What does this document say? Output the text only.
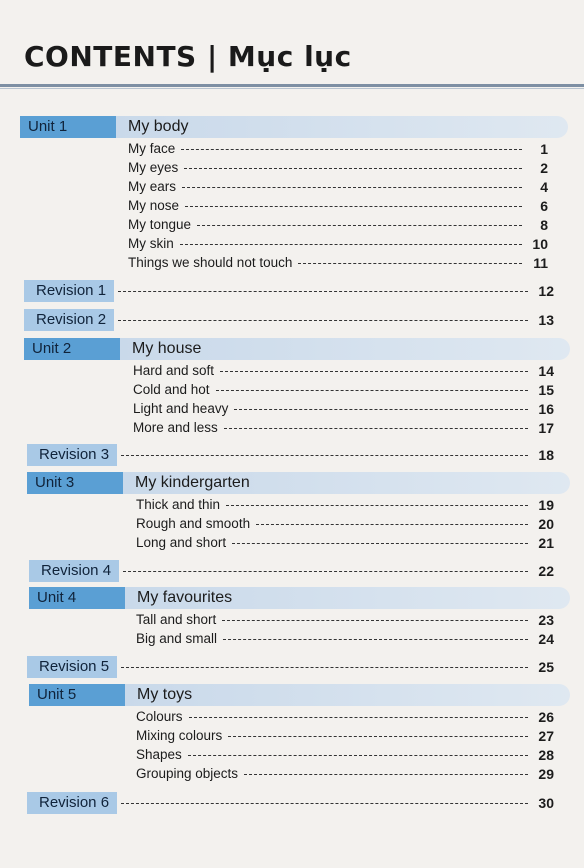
CONTENTS | Mục lục
Unit 1	My body
My face	1
My eyes	2
My ears	4
My nose	6
My tongue	8
My skin	10
Things we should not touch	11
Revision 1	12
Revision 2	13
Unit 2	My house
Hard and soft	14
Cold and hot	15
Light and heavy	16
More and less	17
Revision 3	18
Unit 3	My kindergarten
Thick and thin	19
Rough and smooth	20
Long and short	21
Revision 4	22
Unit 4	My favourites
Tall and short	23
Big and small	24
Revision 5	25
Unit 5	My toys
Colours	26
Mixing colours	27
Shapes	28
Grouping objects	29
Revision 6	30
